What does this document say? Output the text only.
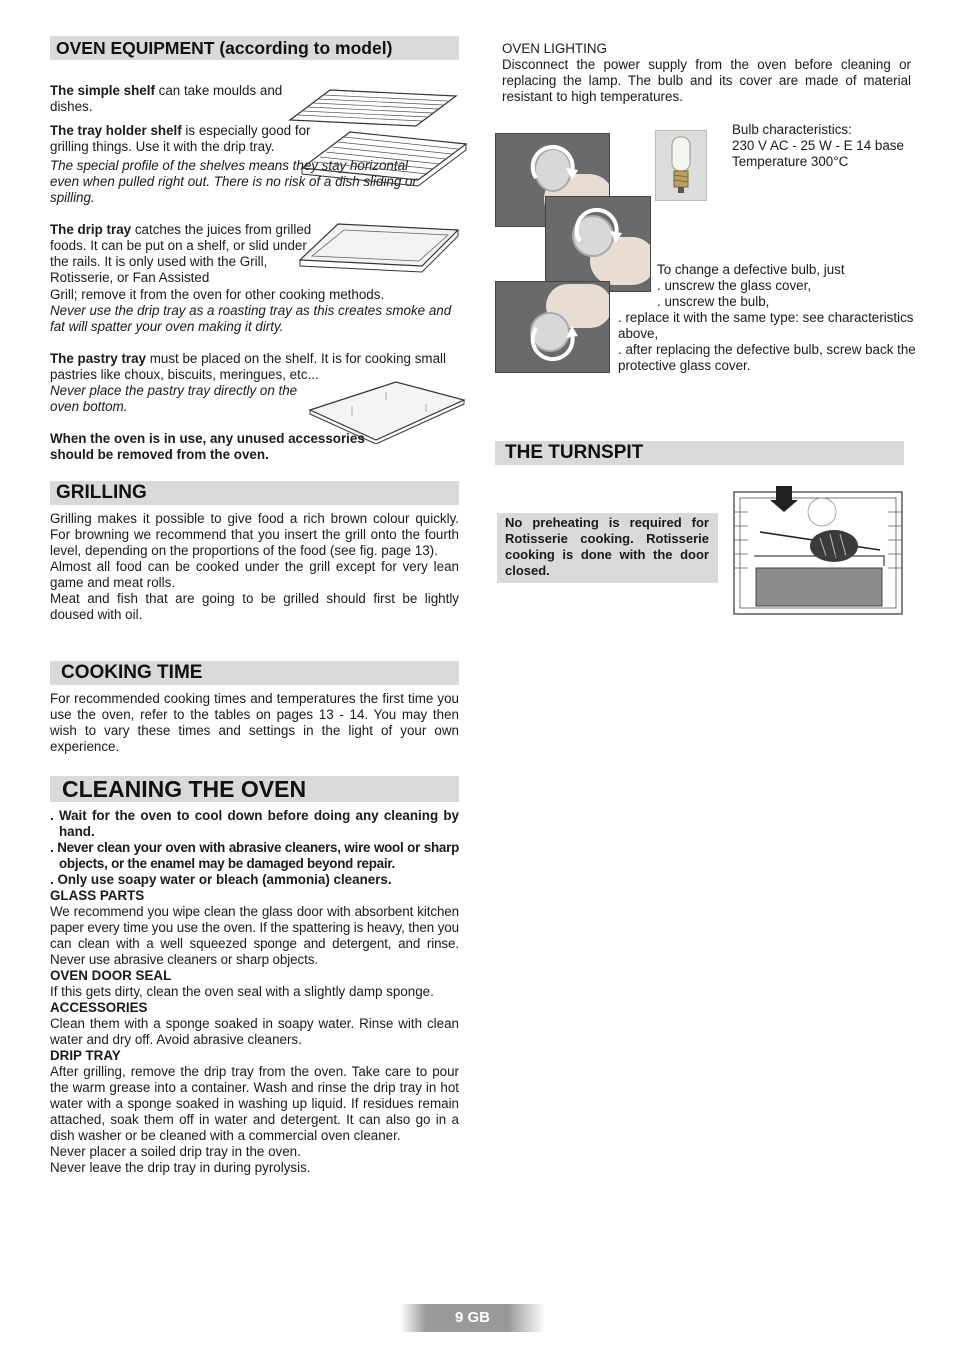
OVEN EQUIPMENT (according to model)
The simple shelf can take moulds and dishes.
The tray holder shelf is especially good for grilling things. Use it with the drip tray.
The special profile of the shelves means they stay horizontal even when pulled right out. There is no risk of a dish sliding or spilling.
The drip tray catches the juices from grilled foods. It can be put on a shelf, or slid under the rails. It is only used with the Grill, Rotisserie, or Fan Assisted
Grill; remove it from the oven for other cooking methods.
Never use the drip tray as a roasting tray as this creates smoke and fat will spatter your oven making it dirty.
The pastry tray must be placed on the shelf. It is for cooking small pastries like choux, biscuits, meringues, etc...
Never place the pastry tray directly on the oven bottom.
When the oven is in use, any unused accessories should be removed from the oven.
GRILLING

Grilling makes it possible to give food a rich brown colour quickly. For browning we recommend that you insert the grill onto the fourth level, depending on the proportions of the food (see fig. page 13).

Almost all food can be cooked under the grill except for very lean game and meat rolls.

Meat and fish that are going to be grilled should first be lightly doused with oil.

COOKING TIME

For recommended cooking times and temperatures the first time you use the oven, refer to the tables on pages 13 - 14. You may then wish to vary these times and settings in the light of your own experience.

CLEANING THE OVEN

. Wait for the oven to cool down before doing any cleaning by hand.

. Never clean your oven with abrasive cleaners, wire wool or sharp objects, or the enamel may be damaged beyond repair.

. Only use soapy water or bleach (ammonia) cleaners.

GLASS PARTS

We recommend you wipe clean the glass door with absorbent kitchen paper every time you use the oven. If the spattering is heavy, then you can clean with a well squeezed sponge and detergent, and rinse. Never use abrasive cleaners or sharp objects.

OVEN DOOR SEAL

If this gets dirty, clean the oven seal with a slightly damp sponge.

ACCESSORIES

Clean them with a sponge soaked in soapy water. Rinse with clean water and dry off. Avoid abrasive cleaners.

DRIP TRAY

After grilling, remove the drip tray from the oven. Take care to pour the warm grease into a container. Wash and rinse the drip tray in hot water with a sponge soaked in washing up liquid. If residues remain attached, soak them off in water and detergent. It can also go in a dish washer or be cleaned with a commercial oven cleaner.

Never placer a soiled drip tray in the oven.

Never leave the drip tray in during pyrolysis.

OVEN LIGHTING
Disconnect the power supply from the oven before cleaning or replacing the lamp. The bulb and its cover are made of material resistant to high temperatures.

Bulb characteristics:

230 V AC - 25 W - E 14 base

Temperature 300°C

To change a defective bulb, just

. unscrew the glass cover,

. unscrew the bulb,

. replace it with the same type: see characteristics above,

. after replacing the defective bulb, screw back the protective glass cover.

THE TURNSPIT
No preheating is required for Rotisserie cooking. Rotisserie cooking is done with the door closed.
9 GB
